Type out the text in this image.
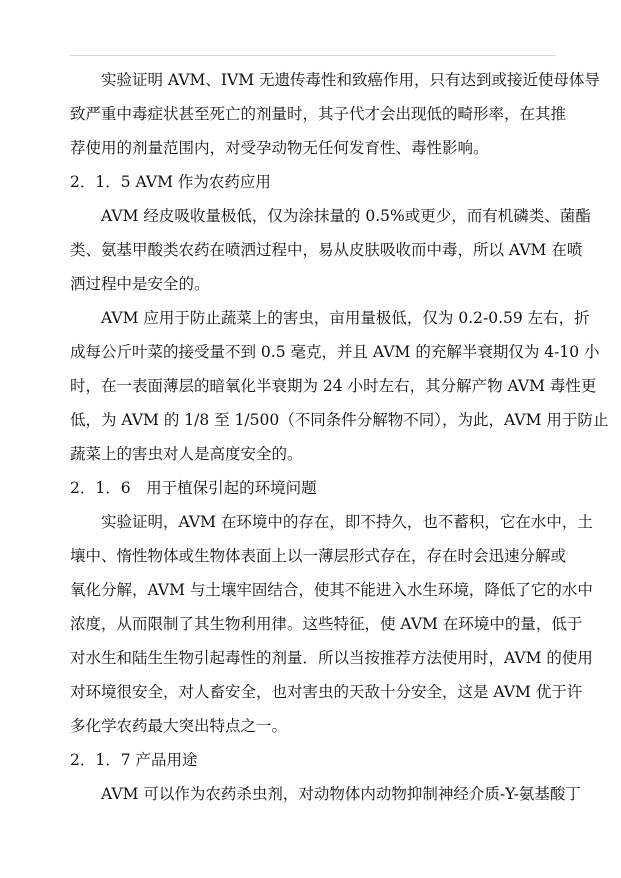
实验证明 AVM、IVM 无遗传毒性和致癌作用，只有达到或接近使母体导
致严重中毒症状甚至死亡的剂量时，其子代才会出现低的畸形率，在其推
荐使用的剂量范围内，对受孕动物无任何发育性、毒性影响。
2．1．5 AVM 作为农药应用
AVM 经皮吸收量极低，仅为涂抹量的 0.5%或更少，而有机磷类、菌酯
类、氨基甲酸类农药在喷洒过程中，易从皮肤吸收而中毒，所以 AVM 在喷
洒过程中是安全的。
AVM 应用于防止蔬菜上的害虫，亩用量极低，仅为 0.2-0.59 左右，折
成每公斤叶菜的接受量不到 0.5 毫克，并且 AVM 的充解半衰期仅为 4-10 小
时，在一表面薄层的暗氧化半衰期为 24 小时左右，其分解产物 AVM 毒性更
低，为 AVM 的 1/8 至 1/500（不同条件分解物不同），为此，AVM 用于防止
蔬菜上的害虫对人是高度安全的。
2．1．6　用于植保引起的环境问题
实验证明，AVM 在环境中的存在，即不持久，也不蓄积，它在水中，土
壤中、惰性物体或生物体表面上以一薄层形式存在，存在时会迅速分解或
氧化分解，AVM 与土壤牢固结合，使其不能进入水生环境，降低了它的水中
浓度，从而限制了其生物利用律。这些特征，使 AVM 在环境中的量，低于
对水生和陆生生物引起毒性的剂量．所以当按推荐方法使用时，AVM 的使用
对环境很安全，对人畜安全，也对害虫的天敌十分安全，这是 AVM 优于许
多化学农药最大突出特点之一。
2．1．7 产品用途
AVM 可以作为农药杀虫剂，对动物体内动物抑制神经介质-Y-氨基酸丁
